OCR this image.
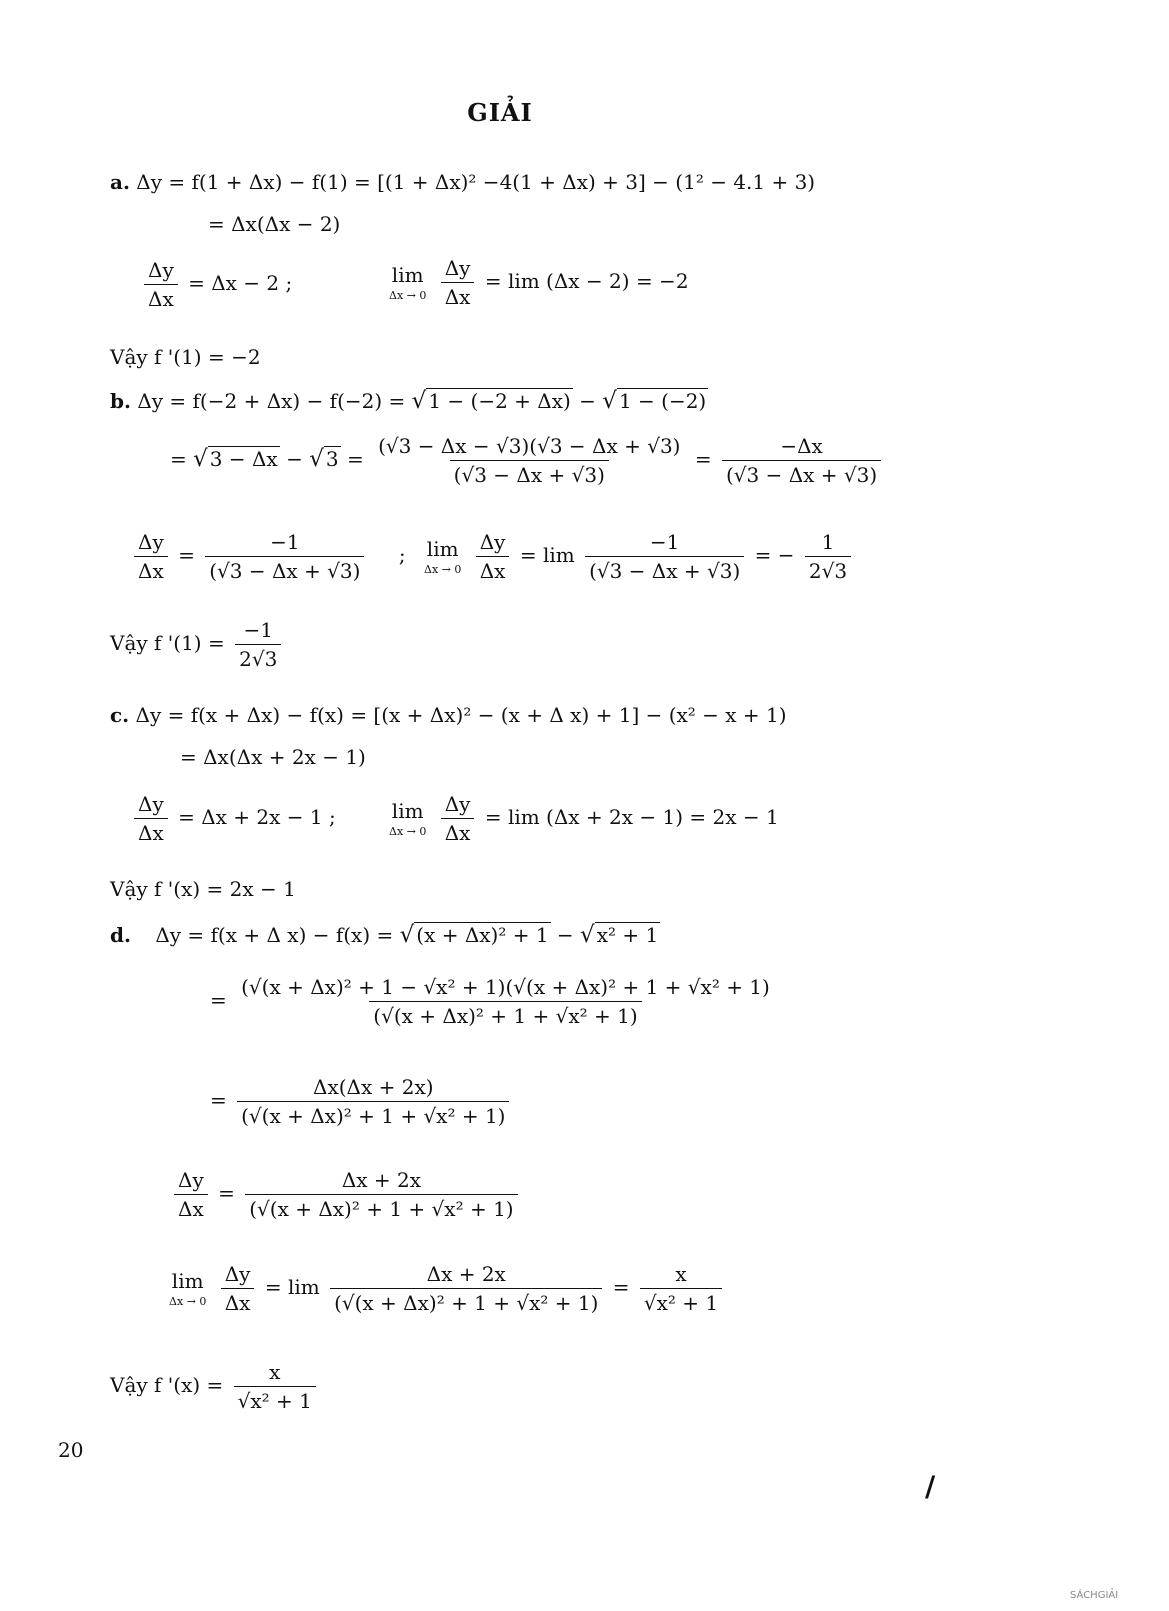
GIẢI
a. Δy = f(1 + Δx) − f(1) = [(1 + Δx)² −4(1 + Δx) + 3] − (1² − 4.1 + 3)
= Δx(Δx − 2)
$\frac{\Delta y}{\Delta x} = \Delta x - 2$ ;	lim
Δx → 0
$\frac{\Delta y}{\Delta x} = \lim (\Delta x - 2) = -2$
Vậy f '(1) = −2
b. Δy = f(−2 + Δx) − f(−2) = √ 1 − (−2 + Δx) − √ 1 − (−2)
= √ 3 − Δx − √ $3 = \frac{(√3 - \Delta x - √3)(√3 - \Delta x + √3)}{(√3 - \Delta x + √3)} = \frac{-\Delta x}{(√3 - \Delta x + √3)}$
$\frac{\Delta y}{\Delta x} = \frac{-1}{(√3 - \Delta x + √3)}$ ; lim
Δx → 0
$\frac{\Delta y}{\Delta x} = \lim \frac{-1}{(√3 - \Delta x + √3)}$ = − $\frac{1}{2√3}$
Vậy f '$(1) = \frac{-1}{2√3}$
c. Δy = f(x + Δx) − f(x) = [(x + Δx)² − (x + Δ x) + 1] − (x² − x + 1)
= Δx(Δx + 2x − 1)
$\frac{\Delta y}{\Delta x} = \Delta x + 2x - 1$ ;	lim
Δx → 0
$\frac{\Delta y}{\Delta x} = \lim (\Delta x + 2x - 1) = 2x - 1$
Vậy f '(x) = 2x − 1
d. Δy = f(x + Δ x) − f(x) = √ (x + Δx)² + 1 − √ x² + 1
= $\frac{\text{(√(x + Δx)² + 1 − √x² + 1)(√(x + Δx)² + 1 + √x² + 1)}}{\text{(√(x + Δx)² + 1 + √x² + 1)}}$
= $\frac{\Delta x(\Delta x + 2x)}{\text{(√(x + Δx)² + 1 + √x² + 1)}}$
$\frac{\Delta y}{\Delta x} = \frac{\Delta x + 2x}{\text{(√(x + Δx)² + 1 + √x² + 1)}}$
lim
Δx → 0
$\frac{\Delta y}{\Delta x} = \lim \frac{\Delta x + 2x}{\text{(√(x + Δx)² + 1 + √x² + 1)}} = \frac{x}{\text{√x² + 1}}$
Vậy f '$(x) = \frac{x}{\text{√x² + 1}}$
20
/
SÁCHGIẢI
